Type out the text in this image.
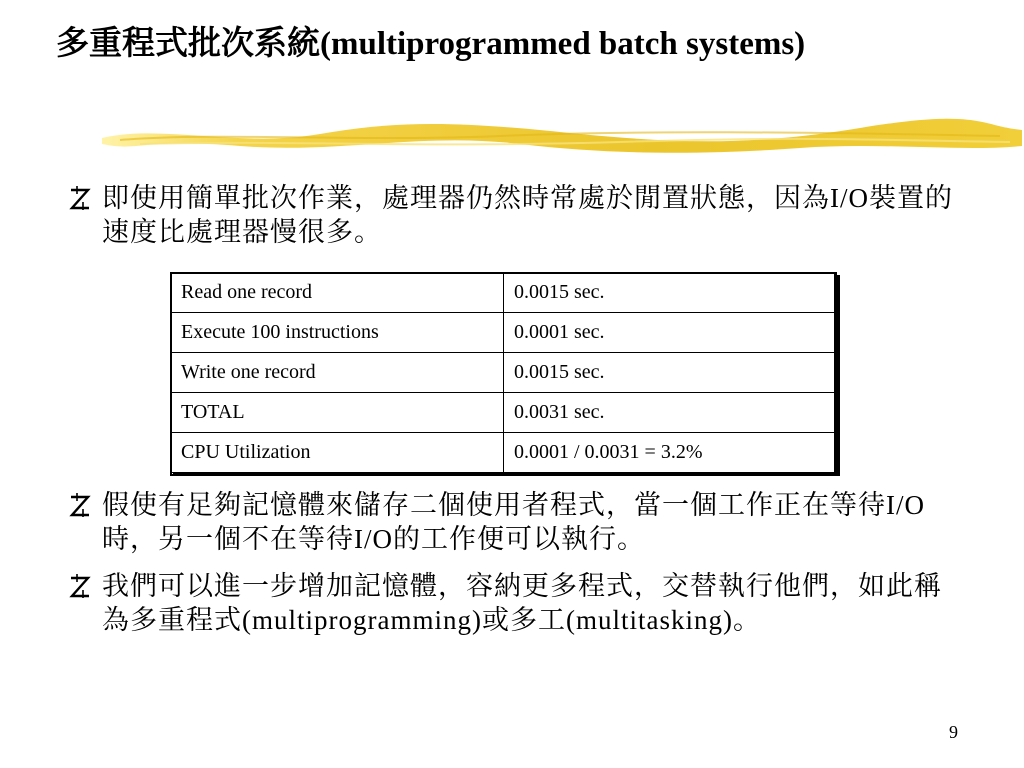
多重程式批次系統(multiprogrammed batch systems)
即使用簡單批次作業，處理器仍然時常處於閒置狀態，因為I/O裝置的速度比處理器慢很多。
Read one record	0.0015 sec.
Execute 100 instructions	0.0001 sec.
Write one record	0.0015 sec.
TOTAL	0.0031 sec.
CPU Utilization	0.0001 / 0.0031 = 3.2%
假使有足夠記憶體來儲存二個使用者程式，當一個工作正在等待I/O時，另一個不在等待I/O的工作便可以執行。
我們可以進一步增加記憶體，容納更多程式，交替執行他們，如此稱為多重程式(multiprogramming)或多工(multitasking)。
9
